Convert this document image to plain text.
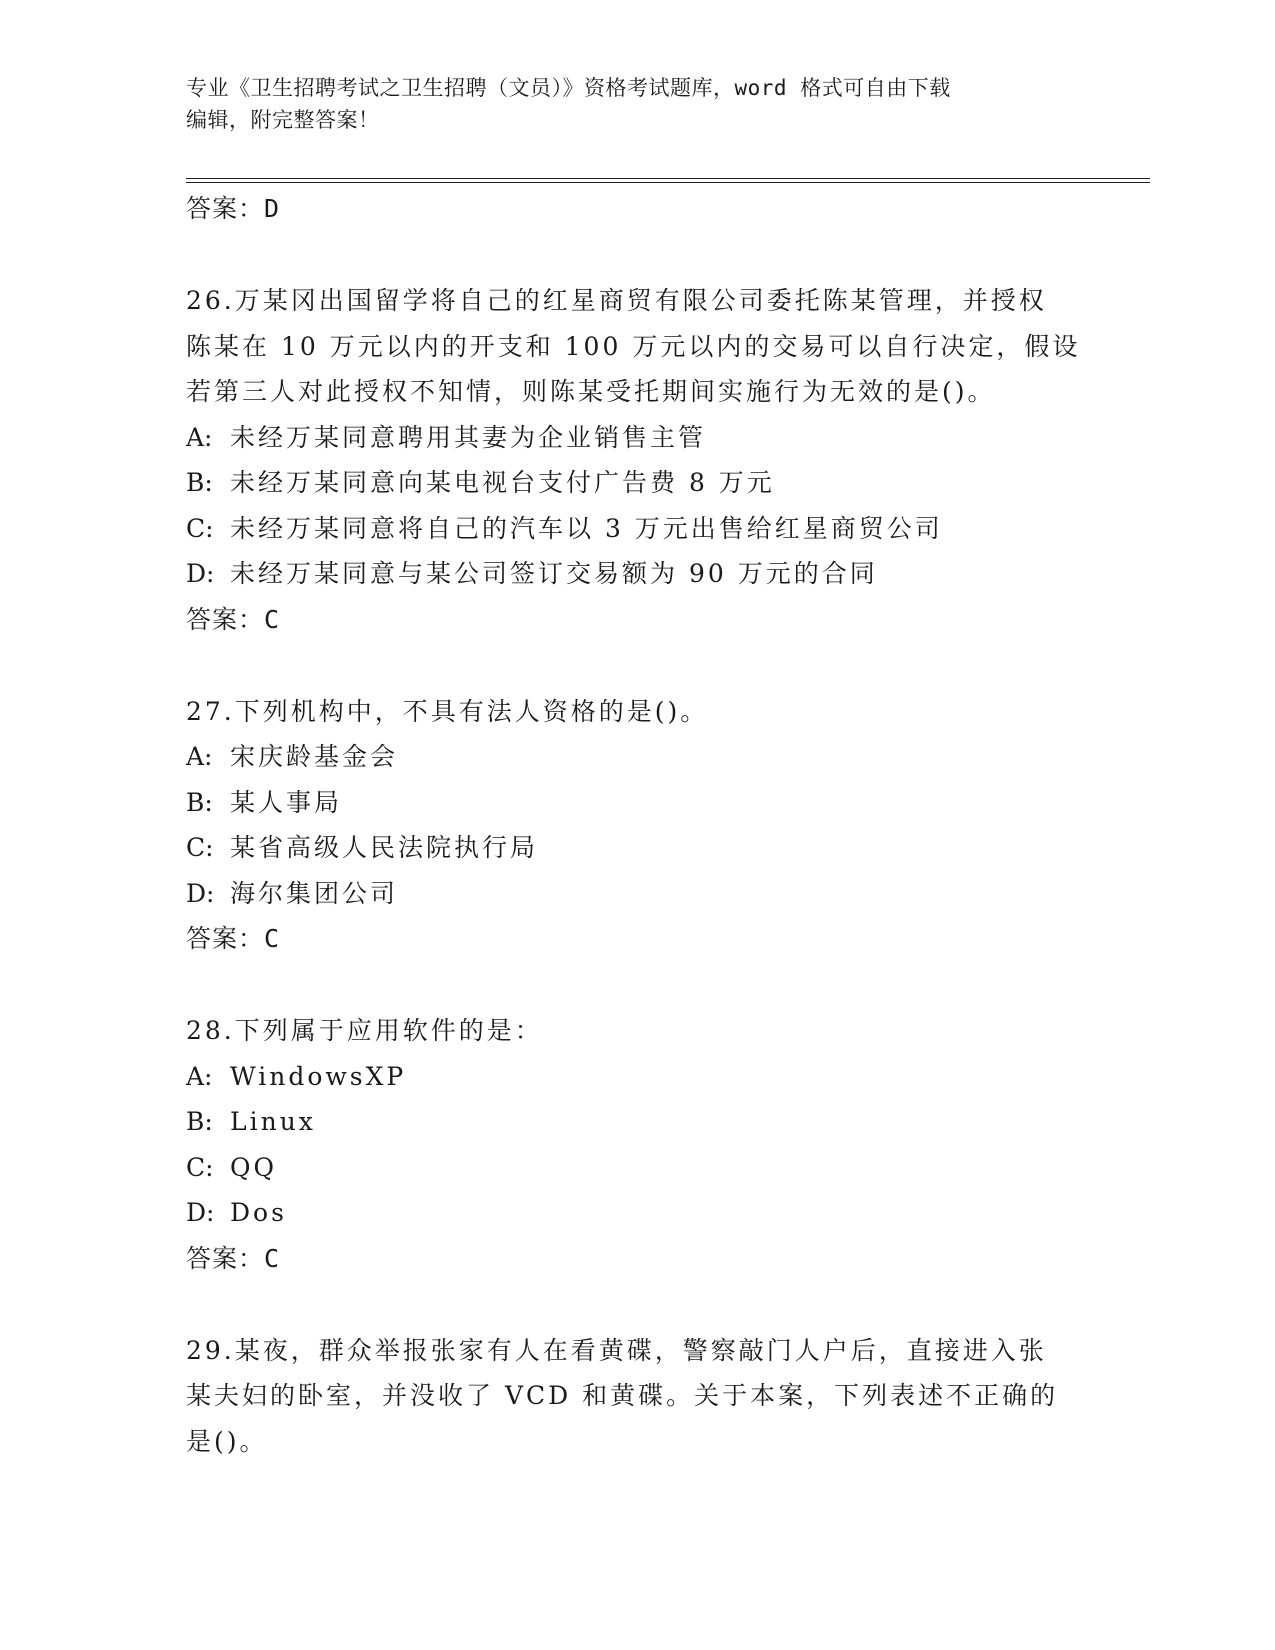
专业《卫生招聘考试之卫生招聘（文员）》资格考试题库，word 格式可自由下载
编辑，附完整答案！
答案：D
26.万某冈出国留学将自己的红星商贸有限公司委托陈某管理，并授权
陈某在 10 万元以内的开支和 100 万元以内的交易可以自行决定，假设
若第三人对此授权不知情，则陈某受托期间实施行为无效的是()。
A: 未经万某同意聘用其妻为企业销售主管
B: 未经万某同意向某电视台支付广告费 8 万元
C: 未经万某同意将自己的汽车以 3 万元出售给红星商贸公司
D: 未经万某同意与某公司签订交易额为 90 万元的合同
答案：C
27.下列机构中，不具有法人资格的是()。
A: 宋庆龄基金会
B: 某人事局
C: 某省高级人民法院执行局
D: 海尔集团公司
答案：C
28.下列属于应用软件的是：
A: WindowsXP
B: Linux
C: QQ
D: Dos
答案：C
29.某夜，群众举报张家有人在看黄碟，警察敲门人户后，直接进入张
某夫妇的卧室，并没收了 VCD 和黄碟。关于本案，下列表述不正确的
是()。
